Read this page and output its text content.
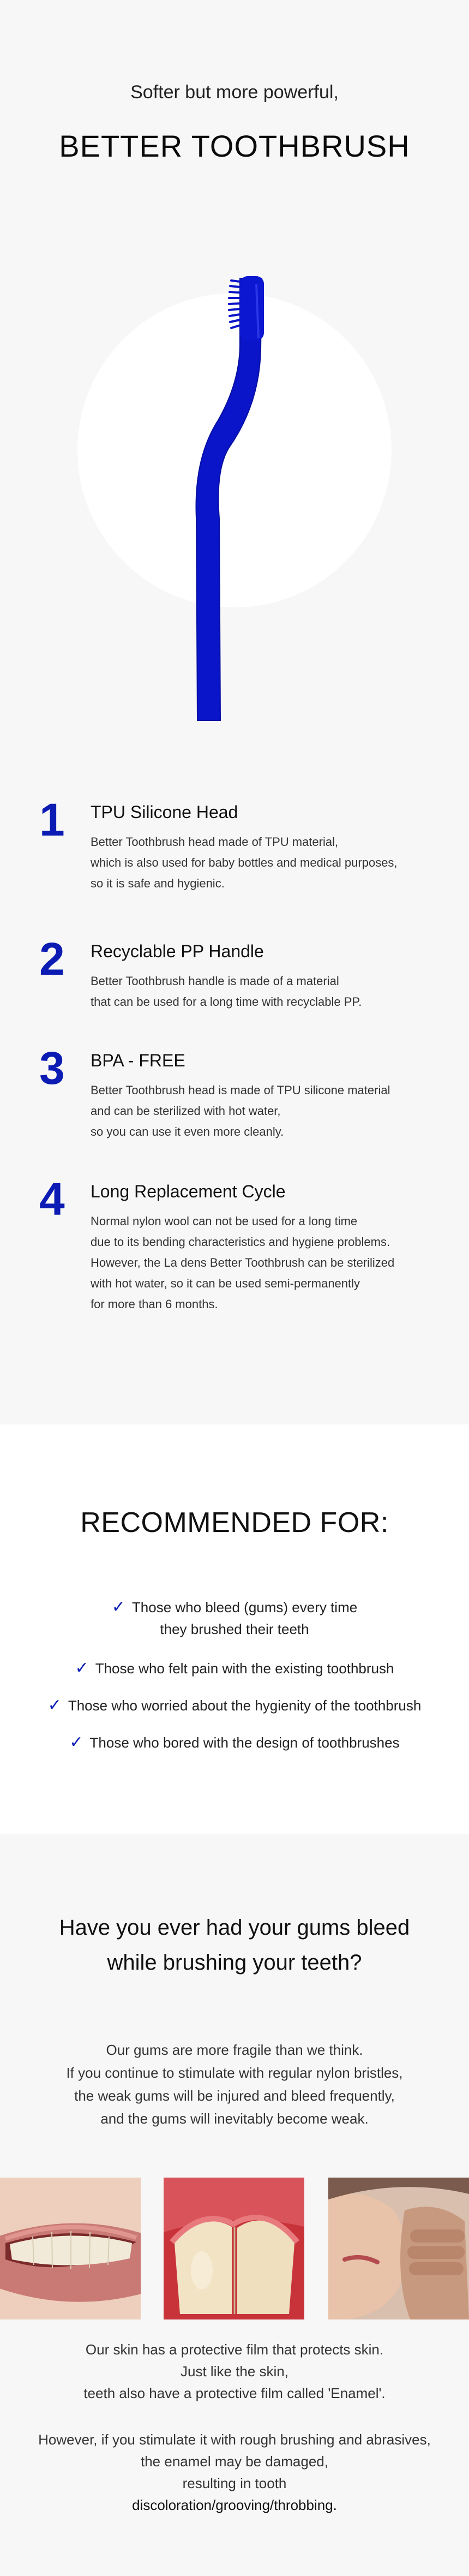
Softer but more powerful,
BETTER TOOTHBRUSH
1 TPU Silicone Head
Better Toothbrush head made of TPU material,
which is also used for baby bottles and medical purposes,
so it is safe and hygienic.
2 Recyclable PP Handle
Better Toothbrush handle is made of a material
that can be used for a long time with recyclable PP.
3 BPA - FREE
Better Toothbrush head is made of TPU silicone material
and can be sterilized with hot water,
so you can use it even more cleanly.
4 Long Replacement Cycle
Normal nylon wool can not be used for a long time
due to its bending characteristics and hygiene problems.
However, the La dens Better Toothbrush can be sterilized
with hot water, so it can be used semi-permanently
for more than 6 months.
RECOMMENDED FOR:
✓ Those who bleed (gums) every time
they brushed their teeth
✓ Those who felt pain with the existing toothbrush
✓ Those who worried about the hygienity of the toothbrush
✓ Those who bored with the design of toothbrushes
Have you ever had your gums bleed
while brushing your teeth?
Our gums are more fragile than we think.
If you continue to stimulate with regular nylon bristles,
the weak gums will be injured and bleed frequently,
and the gums will inevitably become weak.
Our skin has a protective film that protects skin.
Just like the skin,
teeth also have a protective film called 'Enamel'.
However, if you stimulate it with rough brushing and abrasives,
the enamel may be damaged,
resulting in tooth
discoloration/grooving/throbbing.
